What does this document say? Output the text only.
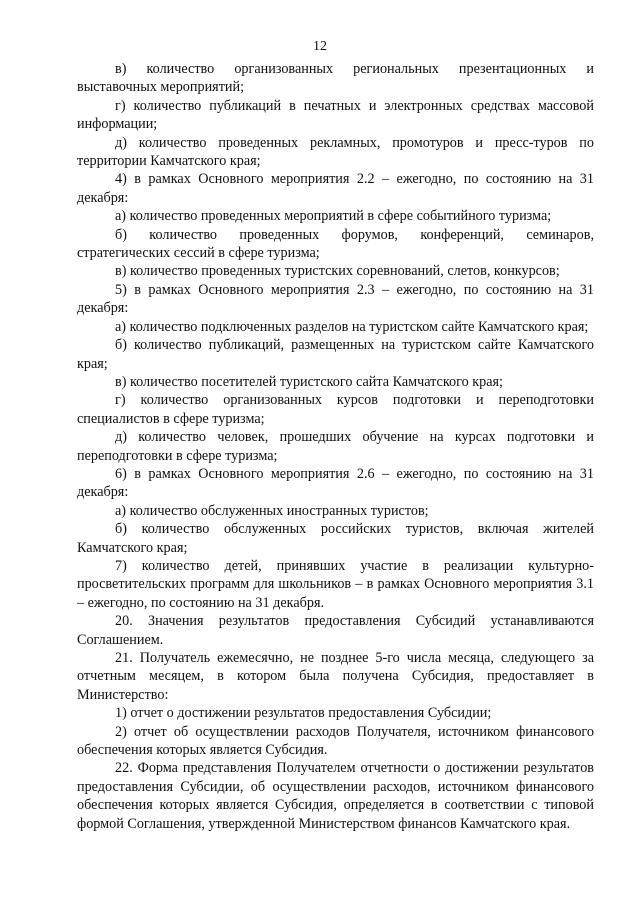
12

в) количество организованных региональных презентационных и выставочных мероприятий;

г) количество публикаций в печатных и электронных средствах массовой информации;

д) количество проведенных рекламных, промотуров и пресс-туров по территории Камчатского края;

4) в рамках Основного мероприятия 2.2 – ежегодно, по состоянию на 31 декабря:

а) количество проведенных мероприятий в сфере событийного туризма;

б) количество проведенных форумов, конференций, семинаров, стратегических сессий в сфере туризма;

в) количество проведенных туристских соревнований, слетов, конкурсов;

5) в рамках Основного мероприятия 2.3 – ежегодно, по состоянию на 31 декабря:

а) количество подключенных разделов на туристском сайте Камчатского края;

б) количество публикаций, размещенных на туристском сайте Камчатского края;

в) количество посетителей туристского сайта Камчатского края;

г) количество организованных курсов подготовки и переподготовки специалистов в сфере туризма;

д) количество человек, прошедших обучение на курсах подготовки и переподготовки в сфере туризма;

6) в рамках Основного мероприятия 2.6 – ежегодно, по состоянию на 31 декабря:

а) количество обслуженных иностранных туристов;

б) количество обслуженных российских туристов, включая жителей Камчатского края;

7) количество детей, принявших участие в реализации культурно-просветительских программ для школьников – в рамках Основного мероприятия 3.1 – ежегодно, по состоянию на 31 декабря.

20. Значения результатов предоставления Субсидий устанавливаются Соглашением.

21. Получатель ежемесячно, не позднее 5-го числа месяца, следующего за отчетным месяцем, в котором была получена Субсидия, предоставляет в Министерство:

1) отчет о достижении результатов предоставления Субсидии;

2) отчет об осуществлении расходов Получателя, источником финансового обеспечения которых является Субсидия.

22. Форма представления Получателем отчетности о достижении результатов предоставления Субсидии, об осуществлении расходов, источником финансового обеспечения которых является Субсидия, определяется в соответствии с типовой формой Соглашения, утвержденной Министерством финансов Камчатского края.
